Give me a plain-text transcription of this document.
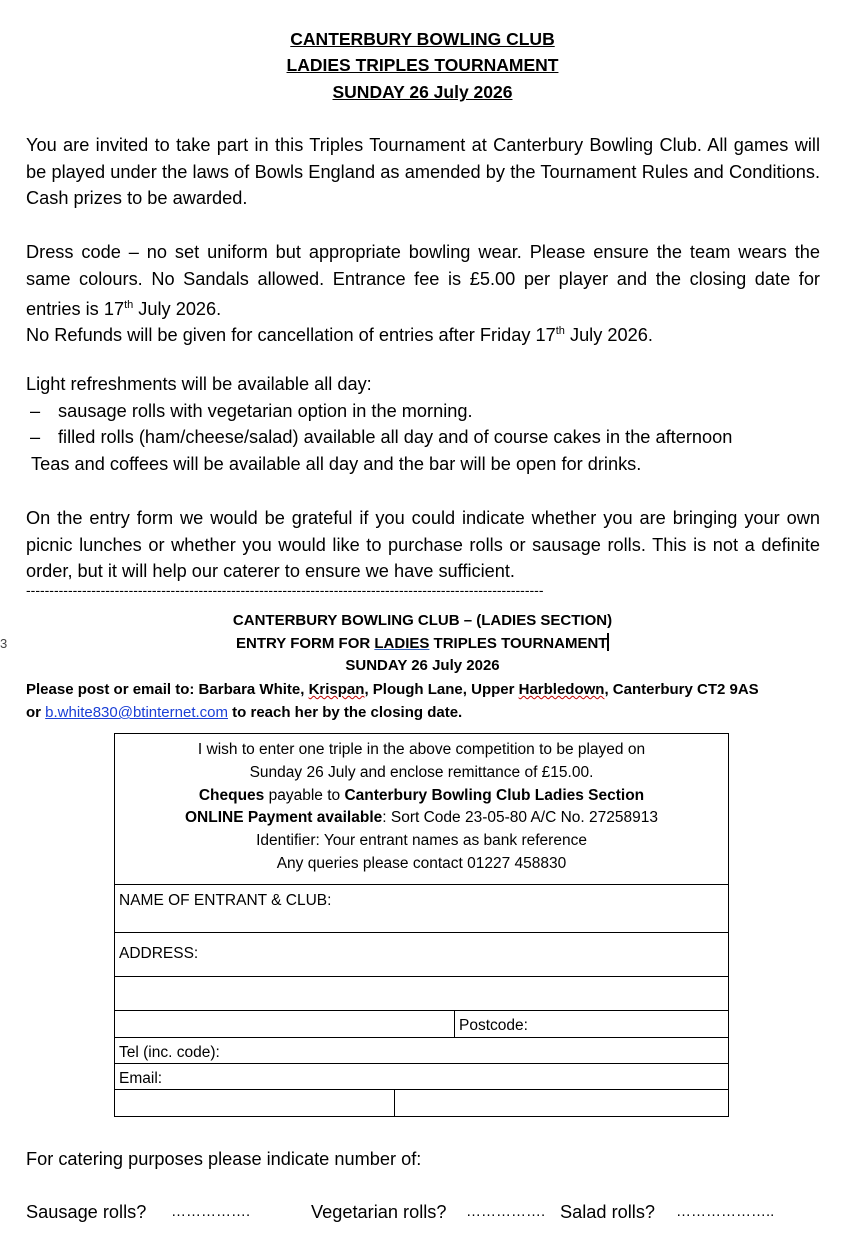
CANTERBURY BOWLING CLUB
LADIES TRIPLES TOURNAMENT
SUNDAY 26 July 2026
You are invited to take part in this Triples Tournament at Canterbury Bowling Club. All games will be played under the laws of Bowls England as amended by the Tournament Rules and Conditions. Cash prizes to be awarded.
Dress code – no set uniform but appropriate bowling wear. Please ensure the team wears the same colours. No Sandals allowed. Entrance fee is £5.00 per player and the closing date for entries is 17th July 2026.
No Refunds will be given for cancellation of entries after Friday 17th July 2026.
Light refreshments will be available all day:
– sausage rolls with vegetarian option in the morning.
– filled rolls (ham/cheese/salad) available all day and of course cakes in the afternoon
Teas and coffees will be available all day and the bar will be open for drinks.
On the entry form we would be grateful if you could indicate whether you are bringing your own picnic lunches or whether you would like to purchase rolls or sausage rolls. This is not a definite order, but it will help our caterer to ensure we have sufficient.
---------------------------------------------------------------------------------------------------------------
3
CANTERBURY BOWLING CLUB – (LADIES SECTION)
ENTRY FORM FOR LADIES TRIPLES TOURNAMENT
SUNDAY 26 July 2026
Please post or email to: Barbara White, Krispan, Plough Lane, Upper Harbledown, Canterbury CT2 9AS
or b.white830@btinternet.com to reach her by the closing date.
I wish to enter one triple in the above competition to be played on
Sunday 26 July and enclose remittance of £15.00.
Cheques payable to Canterbury Bowling Club Ladies Section
ONLINE Payment available: Sort Code 23-05-80 A/C No. 27258913
Identifier: Your entrant names as bank reference
Any queries please contact 01227 458830
NAME OF ENTRANT & CLUB:
ADDRESS:
Postcode:
Tel (inc. code):
Email:
For catering purposes please indicate number of:
Sausage rolls? …………….	Vegetarian rolls? ……………. Salad rolls? ………………..
